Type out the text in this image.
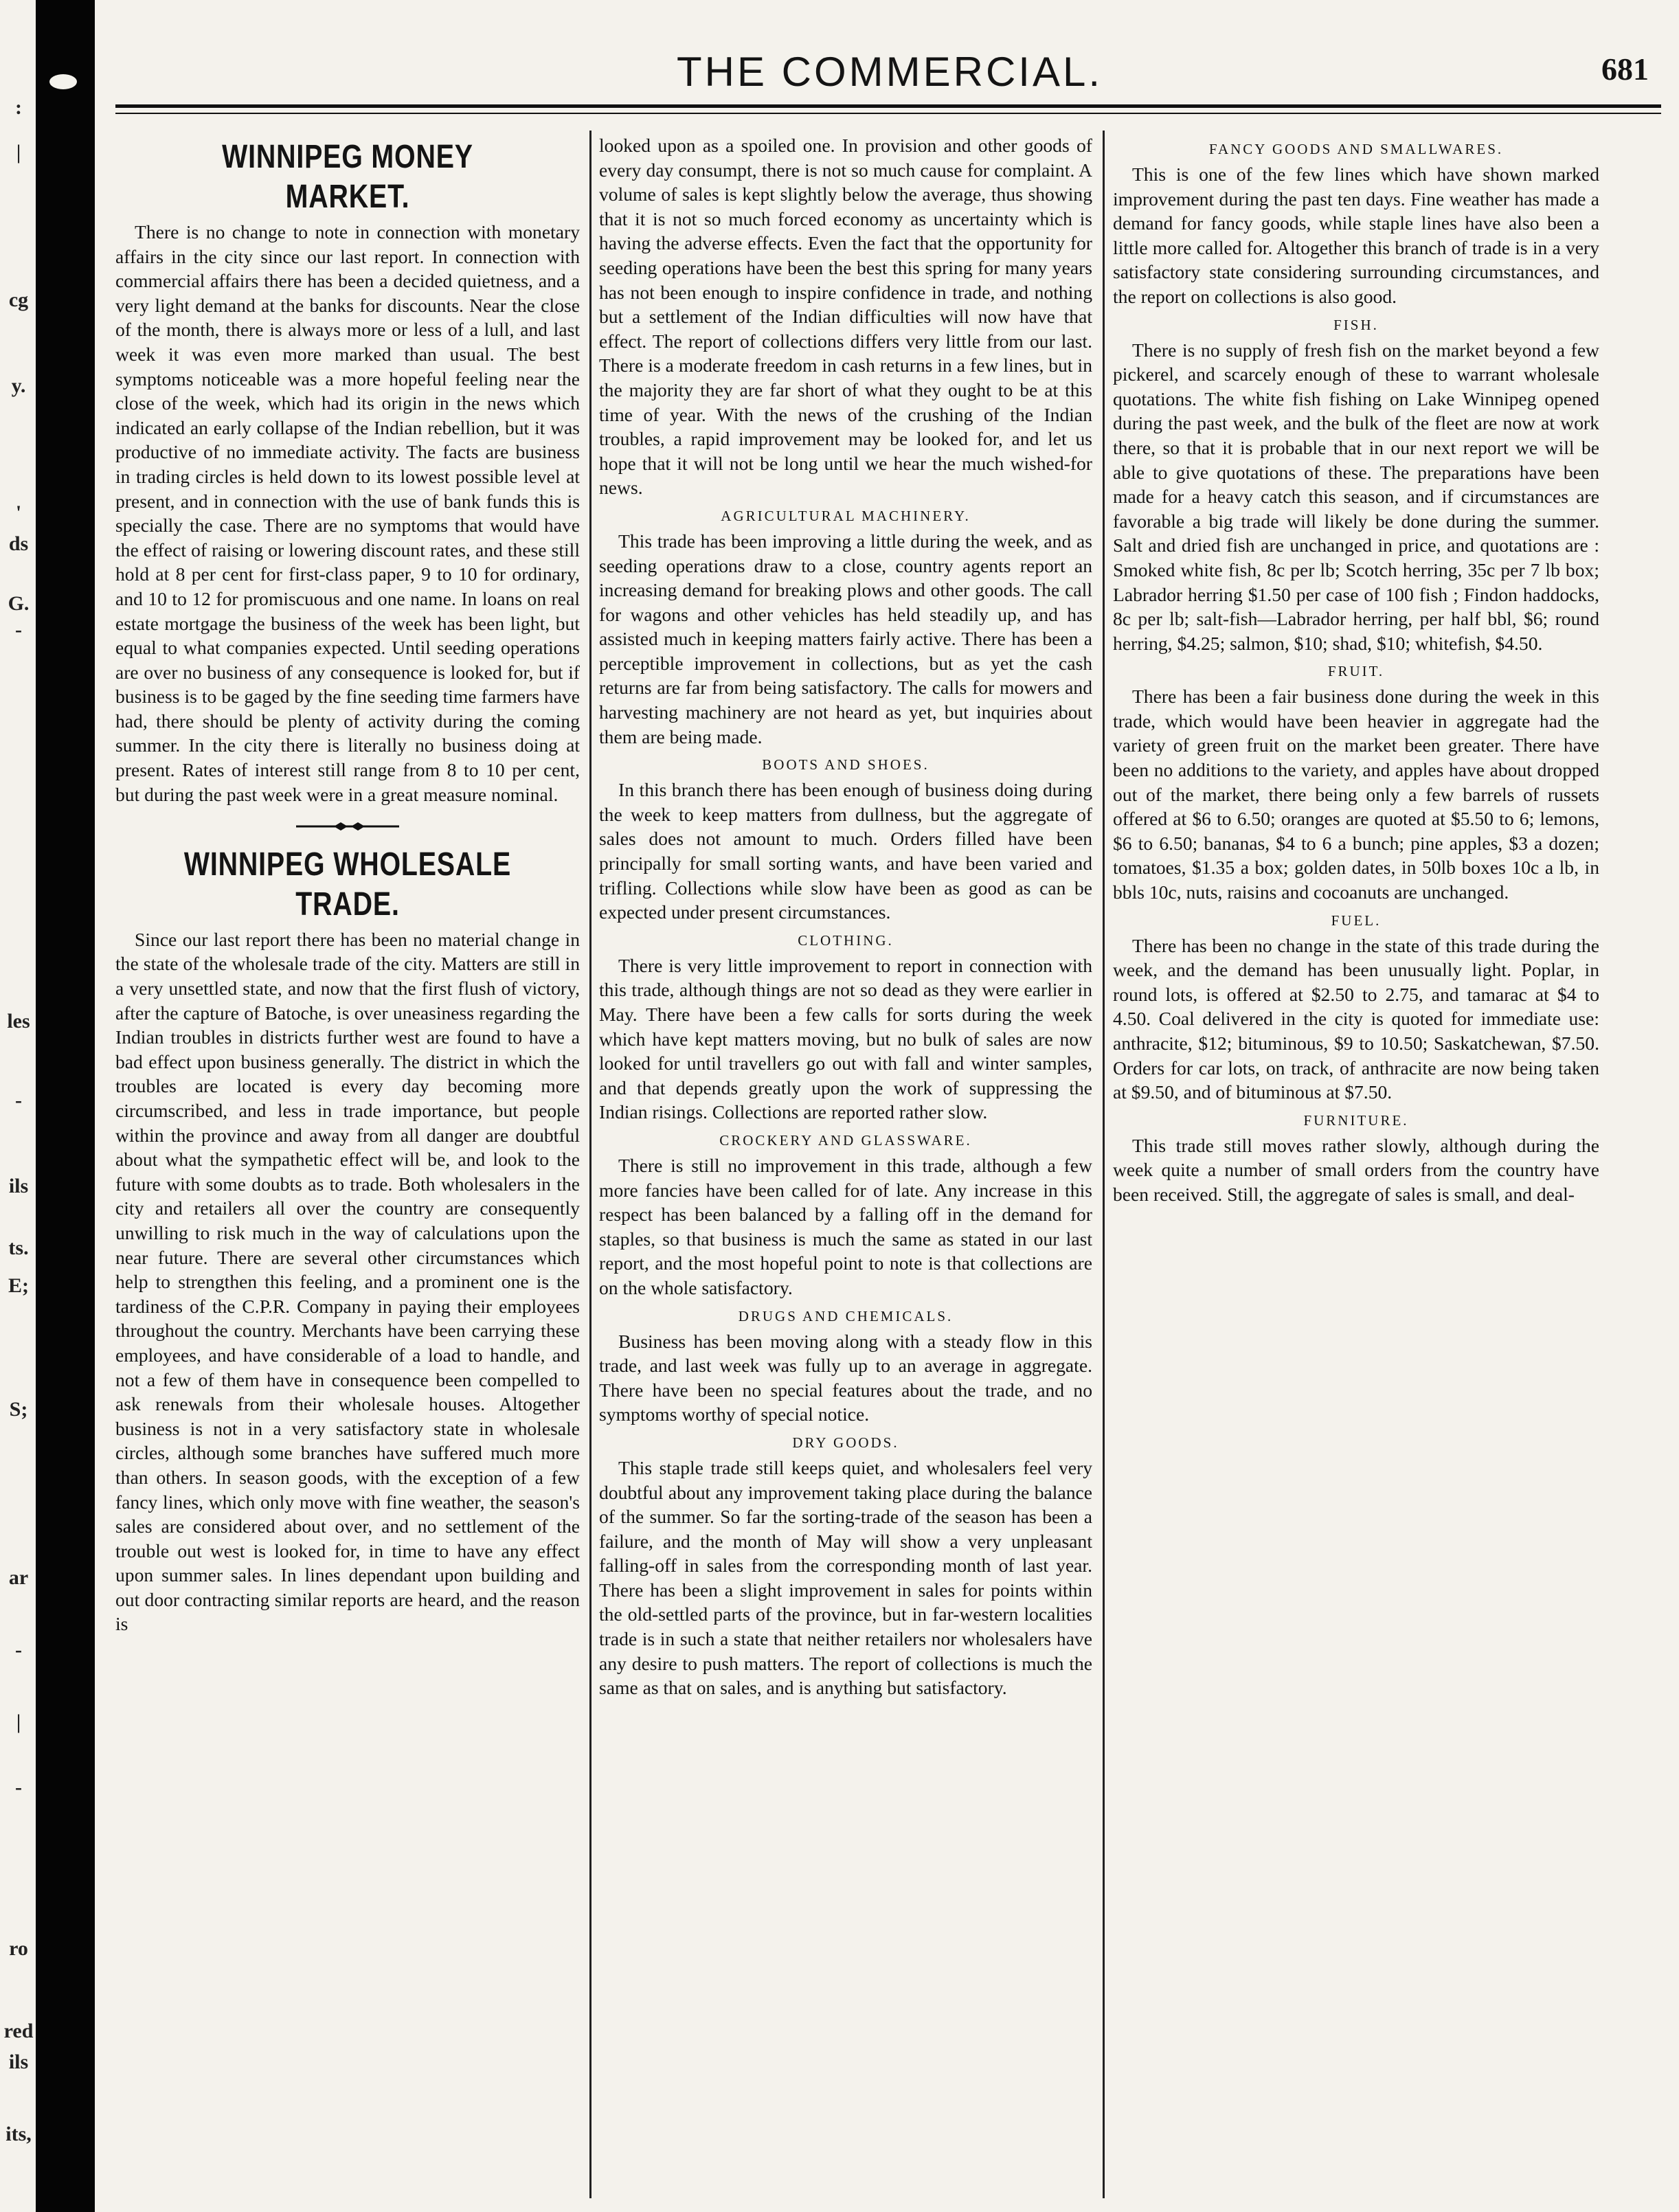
:
|
cg
y.
'
ds
G.
-
les
-
ils
ts.
E;
S;
ar
-
|
-
ro
red
ils
its,
THE COMMERCIAL.	681
WINNIPEG MONEY MARKET.

There is no change to note in connection with monetary affairs in the city since our last report. In connection with commercial affairs there has been a decided quietness, and a very light demand at the banks for discounts. Near the close of the month, there is always more or less of a lull, and last week it was even more marked than usual. The best symptoms noticeable was a more hopeful feeling near the close of the week, which had its origin in the news which indicated an early collapse of the Indian rebellion, but it was productive of no immediate activity. The facts are business in trading circles is held down to its lowest possible level at present, and in connection with the use of bank funds this is specially the case. There are no symptoms that would have the effect of raising or lowering discount rates, and these still hold at 8 per cent for first-class paper, 9 to 10 for ordinary, and 10 to 12 for promiscuous and one name. In loans on real estate mortgage the business of the week has been light, but equal to what companies expected. Until seeding operations are over no business of any consequence is looked for, but if business is to be gaged by the fine seeding time farmers have had, there should be plenty of activity during the coming summer. In the city there is literally no business doing at present. Rates of interest still range from 8 to 10 per cent, but during the past week were in a great measure nominal.

WINNIPEG WHOLESALE TRADE.

Since our last report there has been no material change in the state of the wholesale trade of the city. Matters are still in a very unsettled state, and now that the first flush of victory, after the capture of Batoche, is over uneasiness regarding the Indian troubles in districts further west are found to have a bad effect upon business generally. The district in which the troubles are located is every day becoming more circumscribed, and less in trade importance, but people within the province and away from all danger are doubtful about what the sympathetic effect will be, and look to the future with some doubts as to trade. Both wholesalers in the city and retailers all over the country are consequently unwilling to risk much in the way of calculations upon the near future. There are several other circumstances which help to strengthen this feeling, and a prominent one is the tardiness of the C.P.R. Company in paying their employees throughout the country. Merchants have been carrying these employees, and have considerable of a load to handle, and not a few of them have in consequence been compelled to ask renewals from their wholesale houses. Altogether business is not in a very satisfactory state in wholesale circles, although some branches have suffered much more than others. In season goods, with the exception of a few fancy lines, which only move with fine weather, the season's sales are considered about over, and no settlement of the trouble out west is looked for, in time to have any effect upon summer sales. In lines dependant upon building and out door contracting similar reports are heard, and the reason is

looked upon as a spoiled one. In provision and other goods of every day consumpt, there is not so much cause for complaint. A volume of sales is kept slightly below the average, thus showing that it is not so much forced economy as uncertainty which is having the adverse effects. Even the fact that the opportunity for seeding operations have been the best this spring for many years has not been enough to inspire confidence in trade, and nothing but a settlement of the Indian difficulties will now have that effect. The report of collections differs very little from our last. There is a moderate freedom in cash returns in a few lines, but in the majority they are far short of what they ought to be at this time of year. With the news of the crushing of the Indian troubles, a rapid improvement may be looked for, and let us hope that it will not be long until we hear the much wished-for news.

AGRICULTURAL MACHINERY.

This trade has been improving a little during the week, and as seeding operations draw to a close, country agents report an increasing demand for breaking plows and other goods. The call for wagons and other vehicles has held steadily up, and has assisted much in keeping matters fairly active. There has been a perceptible improvement in collections, but as yet the cash returns are far from being satisfactory. The calls for mowers and harvesting machinery are not heard as yet, but inquiries about them are being made.

BOOTS AND SHOES.

In this branch there has been enough of business doing during the week to keep matters from dullness, but the aggregate of sales does not amount to much. Orders filled have been principally for small sorting wants, and have been varied and trifling. Collections while slow have been as good as can be expected under present circumstances.

CLOTHING.

There is very little improvement to report in connection with this trade, although things are not so dead as they were earlier in May. There have been a few calls for sorts during the week which have kept matters moving, but no bulk of sales are now looked for until travellers go out with fall and winter samples, and that depends greatly upon the work of suppressing the Indian risings. Collections are reported rather slow.

CROCKERY AND GLASSWARE.

There is still no improvement in this trade, although a few more fancies have been called for of late. Any increase in this respect has been balanced by a falling off in the demand for staples, so that business is much the same as stated in our last report, and the most hopeful point to note is that collections are on the whole satisfactory.

DRUGS AND CHEMICALS.

Business has been moving along with a steady flow in this trade, and last week was fully up to an average in aggregate. There have been no special features about the trade, and no symptoms worthy of special notice.

DRY GOODS.

This staple trade still keeps quiet, and wholesalers feel very doubtful about any improvement taking place during the balance of the summer. So far the sorting-trade of the season has been a failure, and the month of May will show a very unpleasant falling-off in sales from the corresponding month of last year. There has been a slight improvement in sales for points within the old-settled parts of the province, but in far-western localities trade is in such a state that neither retailers nor wholesalers have any desire to push matters. The report of collections is much the same as that on sales, and is anything but satisfactory.

FANCY GOODS AND SMALLWARES.

This is one of the few lines which have shown marked improvement during the past ten days. Fine weather has made a demand for fancy goods, while staple lines have also been a little more called for. Altogether this branch of trade is in a very satisfactory state considering surrounding circumstances, and the report on collections is also good.

FISH.

There is no supply of fresh fish on the market beyond a few pickerel, and scarcely enough of these to warrant wholesale quotations. The white fish fishing on Lake Winnipeg opened during the past week, and the bulk of the fleet are now at work there, so that it is probable that in our next report we will be able to give quotations of these. The preparations have been made for a heavy catch this season, and if circumstances are favorable a big trade will likely be done during the summer. Salt and dried fish are unchanged in price, and quotations are : Smoked white fish, 8c per lb; Scotch herring, 35c per 7 lb box; Labrador herring $1.50 per case of 100 fish ; Findon haddocks, 8c per lb; salt-fish—Labrador herring, per half bbl, $6; round herring, $4.25; salmon, $10; shad, $10; whitefish, $4.50.

FRUIT.

There has been a fair business done during the week in this trade, which would have been heavier in aggregate had the variety of green fruit on the market been greater. There have been no additions to the variety, and apples have about dropped out of the market, there being only a few barrels of russets offered at $6 to 6.50; oranges are quoted at $5.50 to 6; lemons, $6 to 6.50; bananas, $4 to 6 a bunch; pine apples, $3 a dozen; tomatoes, $1.35 a box; golden dates, in 50lb boxes 10c a lb, in bbls 10c, nuts, raisins and cocoanuts are unchanged.

FUEL.

There has been no change in the state of this trade during the week, and the demand has been unusually light. Poplar, in round lots, is offered at $2.50 to 2.75, and tamarac at $4 to 4.50. Coal delivered in the city is quoted for immediate use: anthracite, $12; bituminous, $9 to 10.50; Saskatchewan, $7.50. Orders for car lots, on track, of anthracite are now being taken at $9.50, and of bituminous at $7.50.

FURNITURE.

This trade still moves rather slowly, although during the week quite a number of small orders from the country have been received. Still, the aggregate of sales is small, and deal-
